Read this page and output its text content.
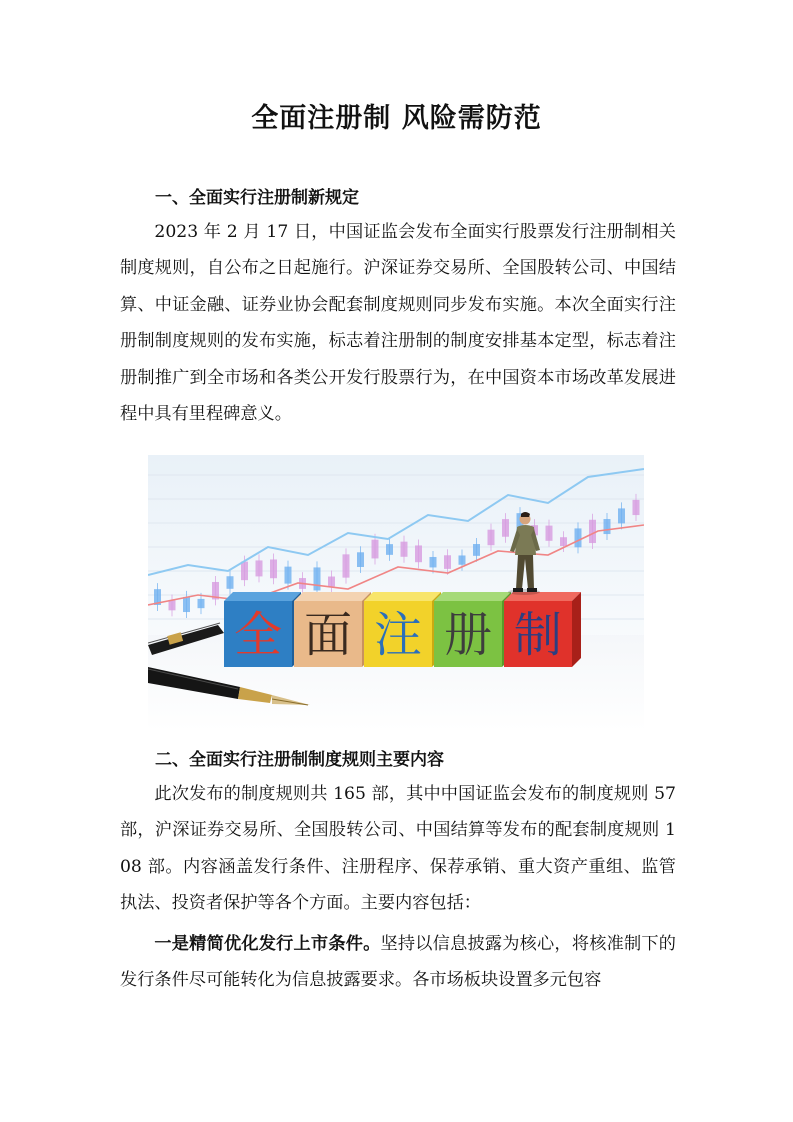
全面注册制 风险需防范
一、全面实行注册制新规定

2023 年 2 月 17 日，中国证监会发布全面实行股票发行注册制相关制度规则，自公布之日起施行。沪深证券交易所、全国股转公司、中国结算、中证金融、证券业协会配套制度规则同步发布实施。本次全面实行注册制制度规则的发布实施，标志着注册制的制度安排基本定型，标志着注册制推广到全市场和各类公开发行股票行为，在中国资本市场改革发展进程中具有里程碑意义。

全 面 注 册 制
二、全面实行注册制制度规则主要内容

此次发布的制度规则共 165 部，其中中国证监会发布的制度规则 57 部，沪深证券交易所、全国股转公司、中国结算等发布的配套制度规则 108 部。内容涵盖发行条件、注册程序、保荐承销、重大资产重组、监管执法、投资者保护等各个方面。主要内容包括：

一是精简优化发行上市条件。坚持以信息披露为核心，将核准制下的发行条件尽可能转化为信息披露要求。各市场板块设置多元包容
